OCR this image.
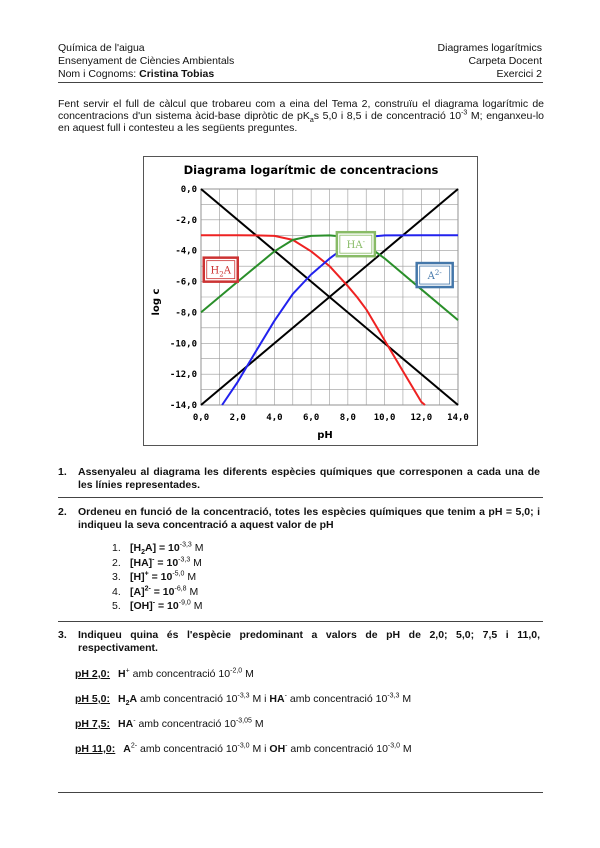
Química de l'aigua
Ensenyament de Ciències Ambientals
Nom i Cognoms: Cristina Tobias
Diagrames logarítmics
Carpeta Docent
Exercici 2
Fent servir el full de càlcul que trobareu com a eina del Tema 2, construïu el diagrama logarítmic de concentracions d'un sistema àcid-base dipròtic de $pK_as$ 5,0 i 8,5 i de concentració $10^{-3}$ M; enganxeu-lo en aquest full i contesteu a les següents preguntes.
Diagrama logarítmic de concentracions
0,0 2,0 4,0 6,0 8,0 10,0 12,0 14,0
0,0
-2,0
-4,0
-6,0
-8,0
-10,0
-12,0
-14,0
$H_2A$
HA-
$A^{2-}$
pH
log c
1. Assenyaleu al diagrama les diferents espècies químiques que corresponen a cada una de les línies representades.
2. Ordeneu en funció de la concentració, totes les espècies químiques que tenim a pH = 5,0; i indiqueu la seva concentració a aquest valor de pH
1. $[H_2A] = 10^{-3,3}$ M
2. $[HA]^- = 10^{-3,3}$ M
3. $[H]^+ = 10^{-5,0}$ M
4. $[A]^{2-} = 10^{-6,8}$ M
5. $[OH]^- = 10^{-9,0}$ M
3. Indiqueu quina és l'espècie predominant a valors de pH de 2,0; 5,0; 7,5 i 11,0, respectivament.
pH 2,0: H+ amb concentració $10^{-2,0}$ M
pH 5,0: $H_2A$ amb concentració $10^{-3,3}$ M i HA- amb concentració $10^{-3,3}$ M
pH 7,5: HA- amb concentració $10^{-3,05}$ M
pH 11,0: $A^{2-}$ amb concentració $10^{-3,0}$ M i OH- amb concentració $10^{-3,0}$ M
